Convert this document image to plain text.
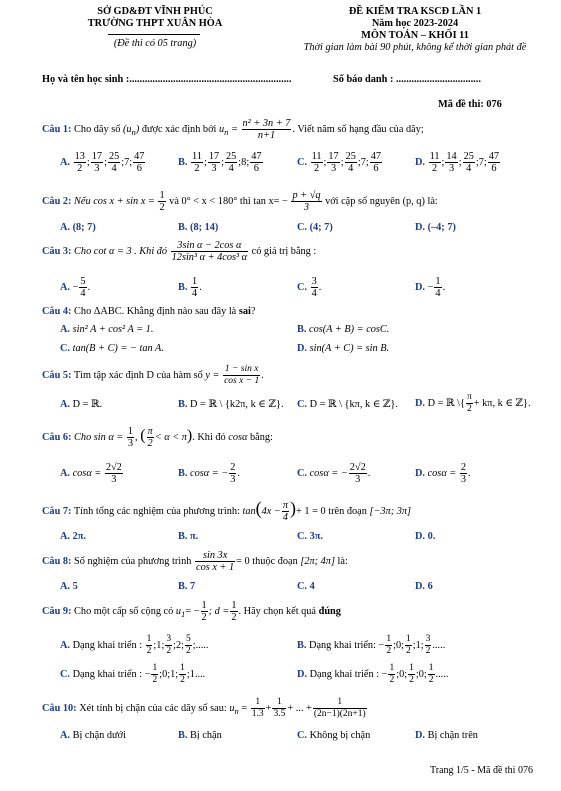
SỞ GD&ĐT VĨNH PHÚC
TRƯỜNG THPT XUÂN HÒA
(Đề thi có 05 trang)
ĐỀ KIỂM TRA KSCĐ LẦN 1
Năm học 2023-2024
MÔN TOÁN – KHỐI 11
Thời gian làm bài 90 phút, không kể thời gian phát đề
Họ và tên học sinh :...............................................................	Số báo danh : .................................
Mã đề thi: 076
Câu 1: Cho dãy số $(u_n)$ được xác định bởi $u_n = \frac{\text{n² + 3n + 7}}{n+1}$ . Viết năm số hạng đầu của dãy;
A. $\frac{13}{2}$ ; $\frac{17}{3}$ ; $\frac{25}{4}$ ;7; $\frac{47}{6}$	B. $\frac{11}{2}$ ; $\frac{17}{3}$ ; $\frac{25}{4}$ ;8; $\frac{47}{6}$	C. $\frac{11}{2}$ ; $\frac{17}{3}$ ; $\frac{25}{4}$ ;7; $\frac{47}{6}$	D. $\frac{11}{2}$ ; $\frac{14}{3}$ ; $\frac{25}{4}$ ;7; $\frac{47}{6}$
Câu 2: Nếu $\cos x + \sin x = \frac{1}{2}$ và 0° < x < 180° thì $\tan x= - \frac{p + √q}{3}$ với cặp số nguyên (p, q) là:
A. (8; 7)	B. (8; 14)	C. (4; 7)	D. (–4; 7)
Câu 3: Cho cot α = 3 . Khi đó $\frac{\text{3sin α − 2cos α}}{\text{12sin³ α + 4cos³ α}}$ có giá trị bằng :
A. − $\frac{5}{4}$ .	B. $\frac{1}{4}$ .	C. $\frac{3}{4}$ .	D. − $\frac{1}{4}$ .
Câu 4: Cho ΔABC. Khẳng định nào sau đây là sai?
A. sin² A + cos² A = 1.	B. cos(A + B) = cosC.
C. tan(B + C) = − tan A.	D. sin(A + C) = sin B.
Câu 5: Tìm tập xác định D của hàm số $y = \frac{\text{1 − sin x}}{\text{cos x − 1}}$ .
A. D = ℝ.	B. D = ℝ \ {k2π, k ∈ ℤ}. C. D = ℝ \ {kπ, k ∈ ℤ}. D. D = ℝ \{ $\frac{\pi}{2} + k\pi$, k ∈ ℤ}.
Câu 6: Cho $\sin \alpha = \frac{1}{3}$ , ( $\frac{\pi}{2} < \alpha < \pi$). Khi đó cosα bằng:
A. $\cos\alpha = \frac{2√2}{3}$	B. cosα = − $\frac{2}{3}$ .	C. cosα = − $\frac{2√2}{3}$ .	D. $\cos\alpha = \frac{2}{3}$ .
Câu 7: Tính tổng các nghiệm của phương trình: $\tan(4x - \frac{\pi}{4}$ )+ 1 = 0 trên đoạn [−3π; 3π]
A. 2π.	B. π.	C. 3π.	D. 0.
Câu 8: Số nghiệm của phương trình $\frac{\sin 3x}{\text{cos x + 1}} = 0$ thuộc đoạn [2π; 4π] là:
A. 5	B. 7	C. 4	D. 6
Câu 9: Cho một cấp số cộng có $u_1= - \frac{1}{2}$ ; $d = \frac{1}{2}$ . Hãy chọn kết quả đúng
A. Dạng khai triển : $\frac{1}{2}$ ;1; $\frac{3}{2}$ ;2; $\frac{5}{2}$ ;.....	B. Dạng khai triển: − $\frac{1}{2}$ ;0; $\frac{1}{2}$ ;1; $\frac{3}{2}$ .....
C. Dạng khai triển : − $\frac{1}{2}$ ;0;1; $\frac{1}{2}$ ;1....	D. Dạng khai triển : − $\frac{1}{2}$ ;0; $\frac{1}{2}$ ;0; $\frac{1}{2}$ .....
Câu 10: Xét tính bị chặn của các dãy số sau: $u_n = \frac{1}{1.3} + \frac{1}{3.5}$ + ... + $\frac{1}{(2n-1)(2n+1)}$
A. Bị chặn dưới	B. Bị chặn	C. Không bị chặn	D. Bị chặn trên
Trang 1/5 - Mã đề thi 076
